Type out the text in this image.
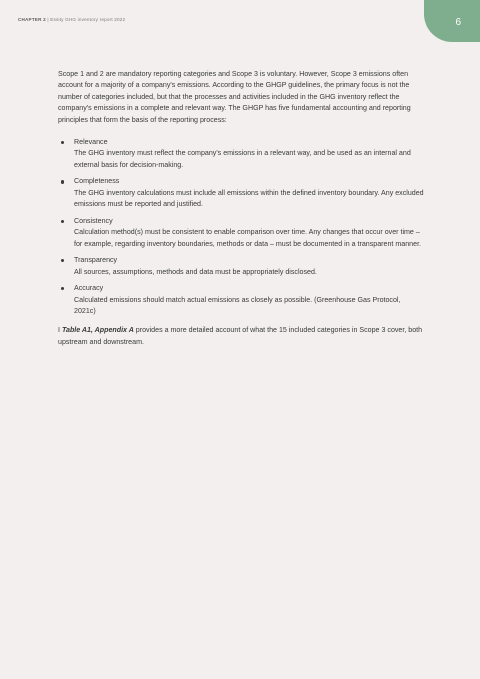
CHAPTER 2 | Essity GHG inventory report 2022	6

Scope 1 and 2 are mandatory reporting categories and Scope 3 is voluntary. However, Scope 3 emissions often account for a majority of a company's emissions. According to the GHGP guidelines, the primary focus is not the number of categories included, but that the processes and activities included in the GHG inventory reflect the company's emissions in a complete and relevant way. The GHGP has five fundamental accounting and reporting principles that form the basis of the reporting process:

Relevance
The GHG inventory must reflect the company's emissions in a relevant way, and be used as an internal and external basis for decision-making.
Completeness
The GHG inventory calculations must include all emissions within the defined inventory boundary. Any excluded emissions must be reported and justified.
Consistency
Calculation method(s) must be consistent to enable comparison over time. Any changes that occur over time – for example, regarding inventory boundaries, methods or data – must be documented in a transparent manner.
Transparency
All sources, assumptions, methods and data must be appropriately disclosed.
Accuracy
Calculated emissions should match actual emissions as closely as possible. (Greenhouse Gas Protocol, 2021c)

I Table A1, Appendix A provides a more detailed account of what the 15 included categories in Scope 3 cover, both upstream and downstream.
